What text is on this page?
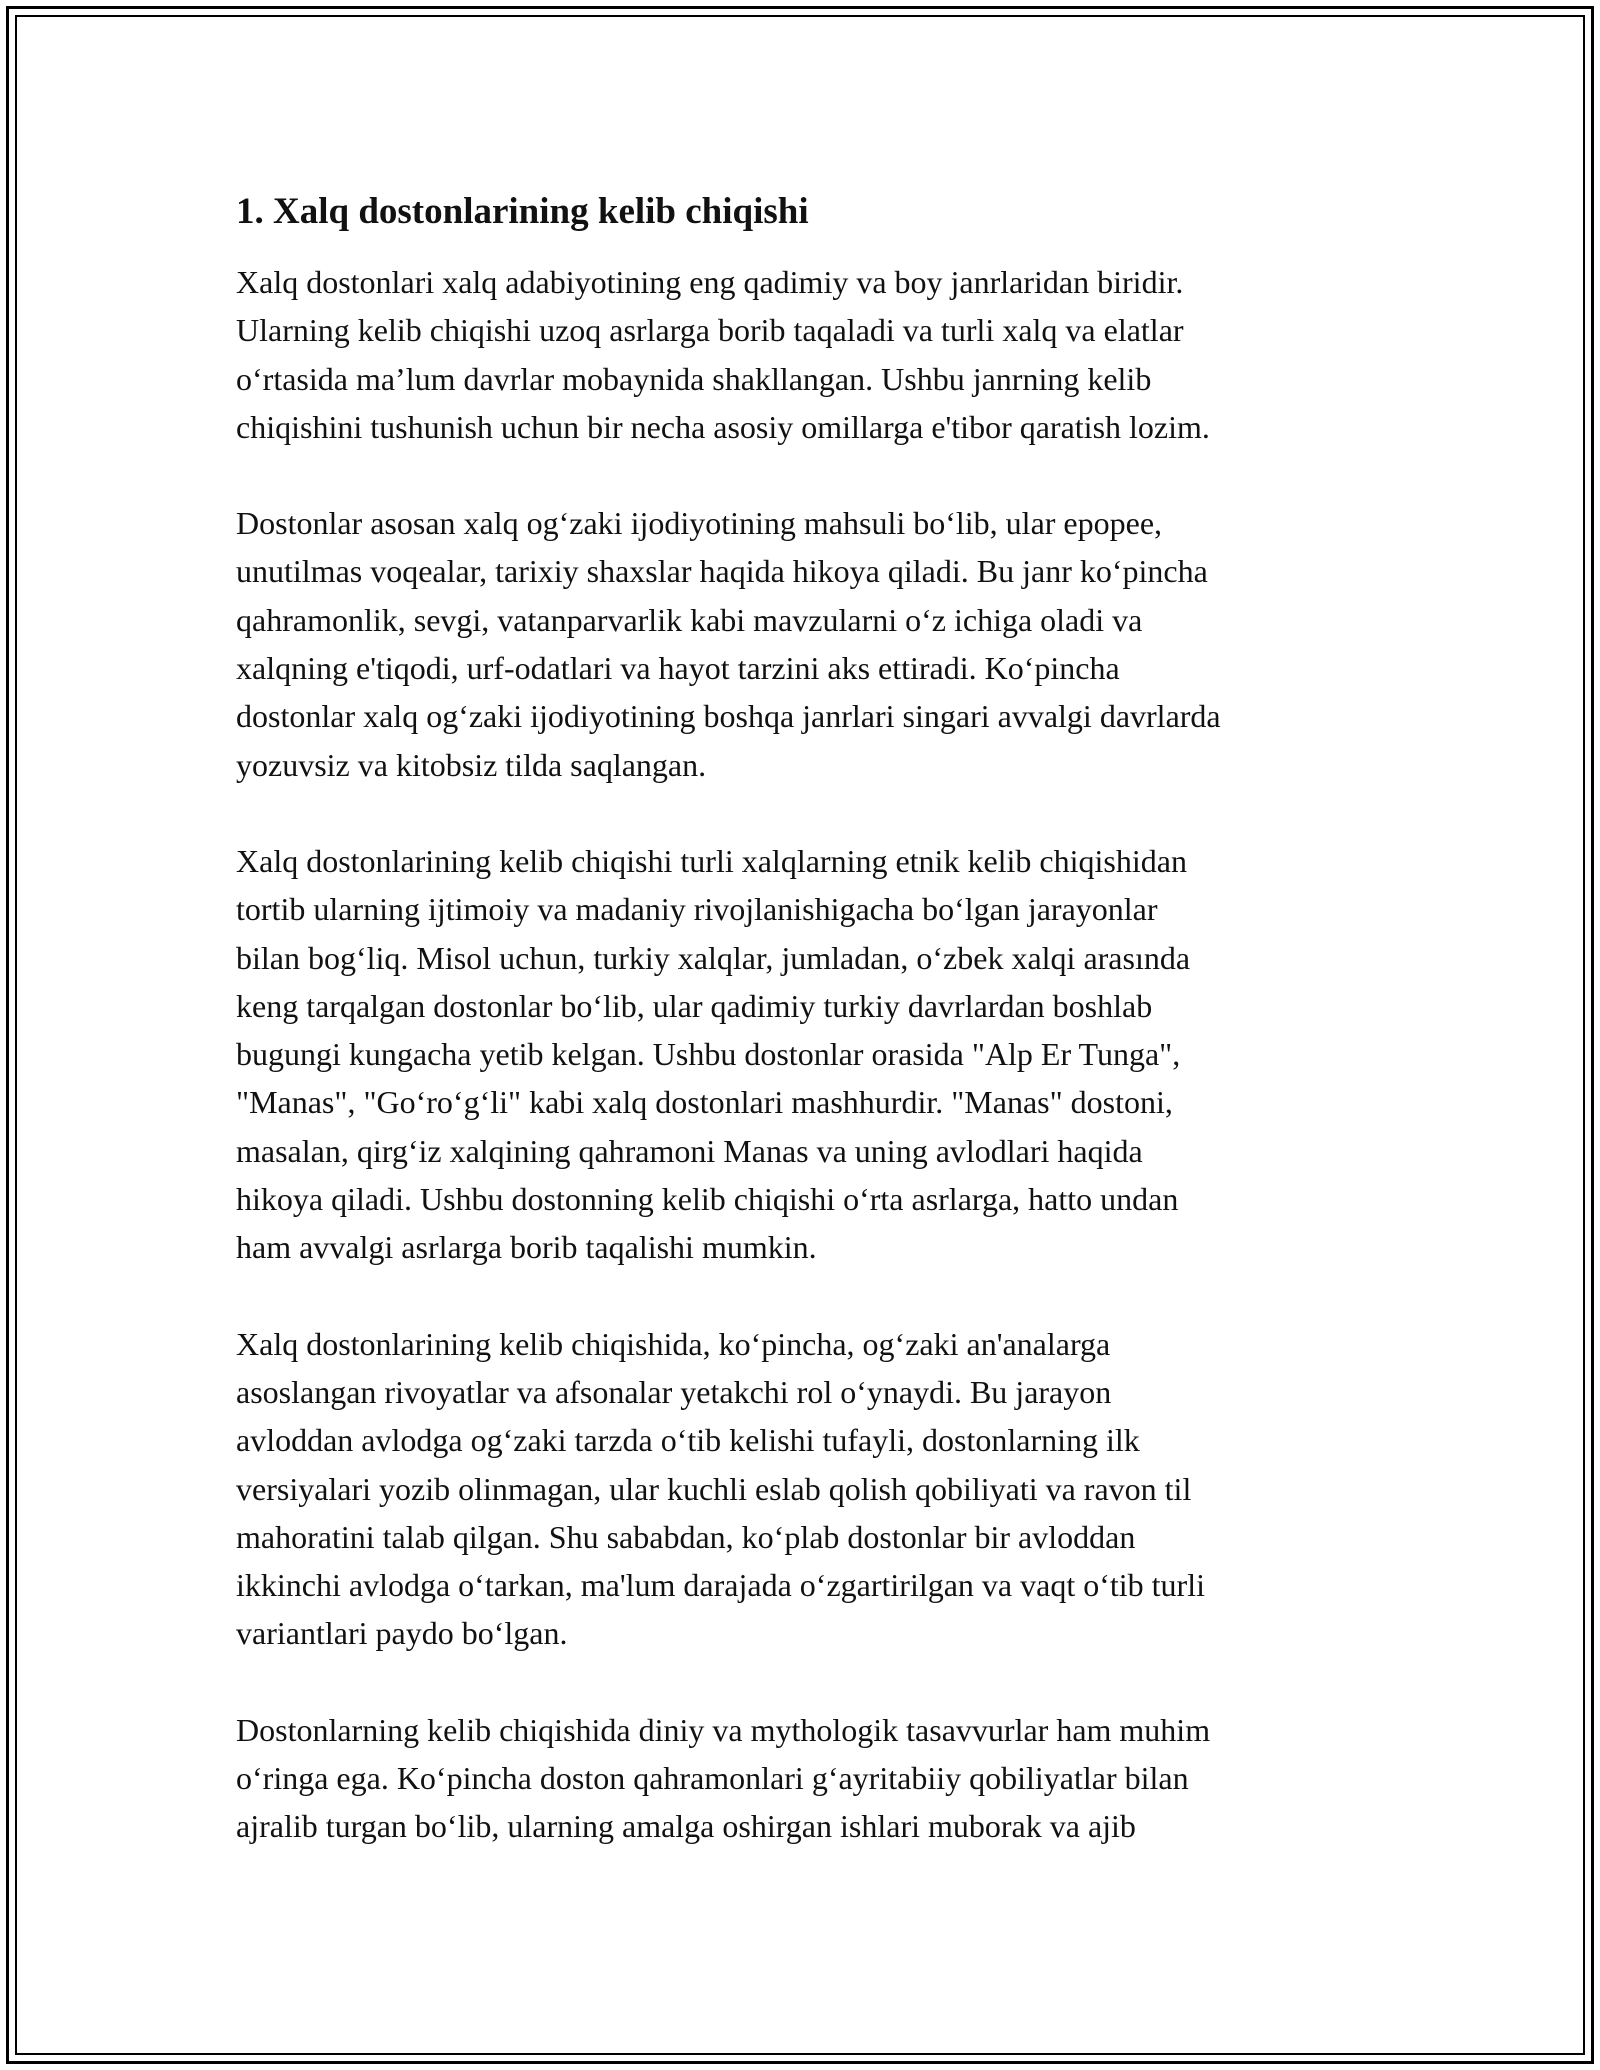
1. Xalq dostonlarining kelib chiqishi

Xalq dostonlari xalq adabiyotining eng qadimiy va boy janrlaridan biridir.
Ularning kelib chiqishi uzoq asrlarga borib taqaladi va turli xalq va elatlar
o‘rtasida ma’lum davrlar mobaynida shakllangan. Ushbu janrning kelib
chiqishini tushunish uchun bir necha asosiy omillarga e'tibor qaratish lozim.

Dostonlar asosan xalq og‘zaki ijodiyotining mahsuli bo‘lib, ular epopee,
unutilmas voqealar, tarixiy shaxslar haqida hikoya qiladi. Bu janr ko‘pincha
qahramonlik, sevgi, vatanparvarlik kabi mavzularni o‘z ichiga oladi va
xalqning e'tiqodi, urf-odatlari va hayot tarzini aks ettiradi. Ko‘pincha
dostonlar xalq og‘zaki ijodiyotining boshqa janrlari singari avvalgi davrlarda
yozuvsiz va kitobsiz tilda saqlangan.

Xalq dostonlarining kelib chiqishi turli xalqlarning etnik kelib chiqishidan
tortib ularning ijtimoiy va madaniy rivojlanishigacha bo‘lgan jarayonlar
bilan bog‘liq. Misol uchun, turkiy xalqlar, jumladan, o‘zbek xalqi arasında
keng tarqalgan dostonlar bo‘lib, ular qadimiy turkiy davrlardan boshlab
bugungi kungacha yetib kelgan. Ushbu dostonlar orasida "Alp Er Tunga",
"Manas", "Go‘ro‘g‘li" kabi xalq dostonlari mashhurdir. "Manas" dostoni,
masalan, qirg‘iz xalqining qahramoni Manas va uning avlodlari haqida
hikoya qiladi. Ushbu dostonning kelib chiqishi o‘rta asrlarga, hatto undan
ham avvalgi asrlarga borib taqalishi mumkin.

Xalq dostonlarining kelib chiqishida, ko‘pincha, og‘zaki an'analarga
asoslangan rivoyatlar va afsonalar yetakchi rol o‘ynaydi. Bu jarayon
avloddan avlodga og‘zaki tarzda o‘tib kelishi tufayli, dostonlarning ilk
versiyalari yozib olinmagan, ular kuchli eslab qolish qobiliyati va ravon til
mahoratini talab qilgan. Shu sababdan, ko‘plab dostonlar bir avloddan
ikkinchi avlodga o‘tarkan, ma'lum darajada o‘zgartirilgan va vaqt o‘tib turli
variantlari paydo bo‘lgan.

Dostonlarning kelib chiqishida diniy va mythologik tasavvurlar ham muhim
o‘ringa ega. Ko‘pincha doston qahramonlari g‘ayritabiiy qobiliyatlar bilan
ajralib turgan bo‘lib, ularning amalga oshirgan ishlari muborak va ajib
